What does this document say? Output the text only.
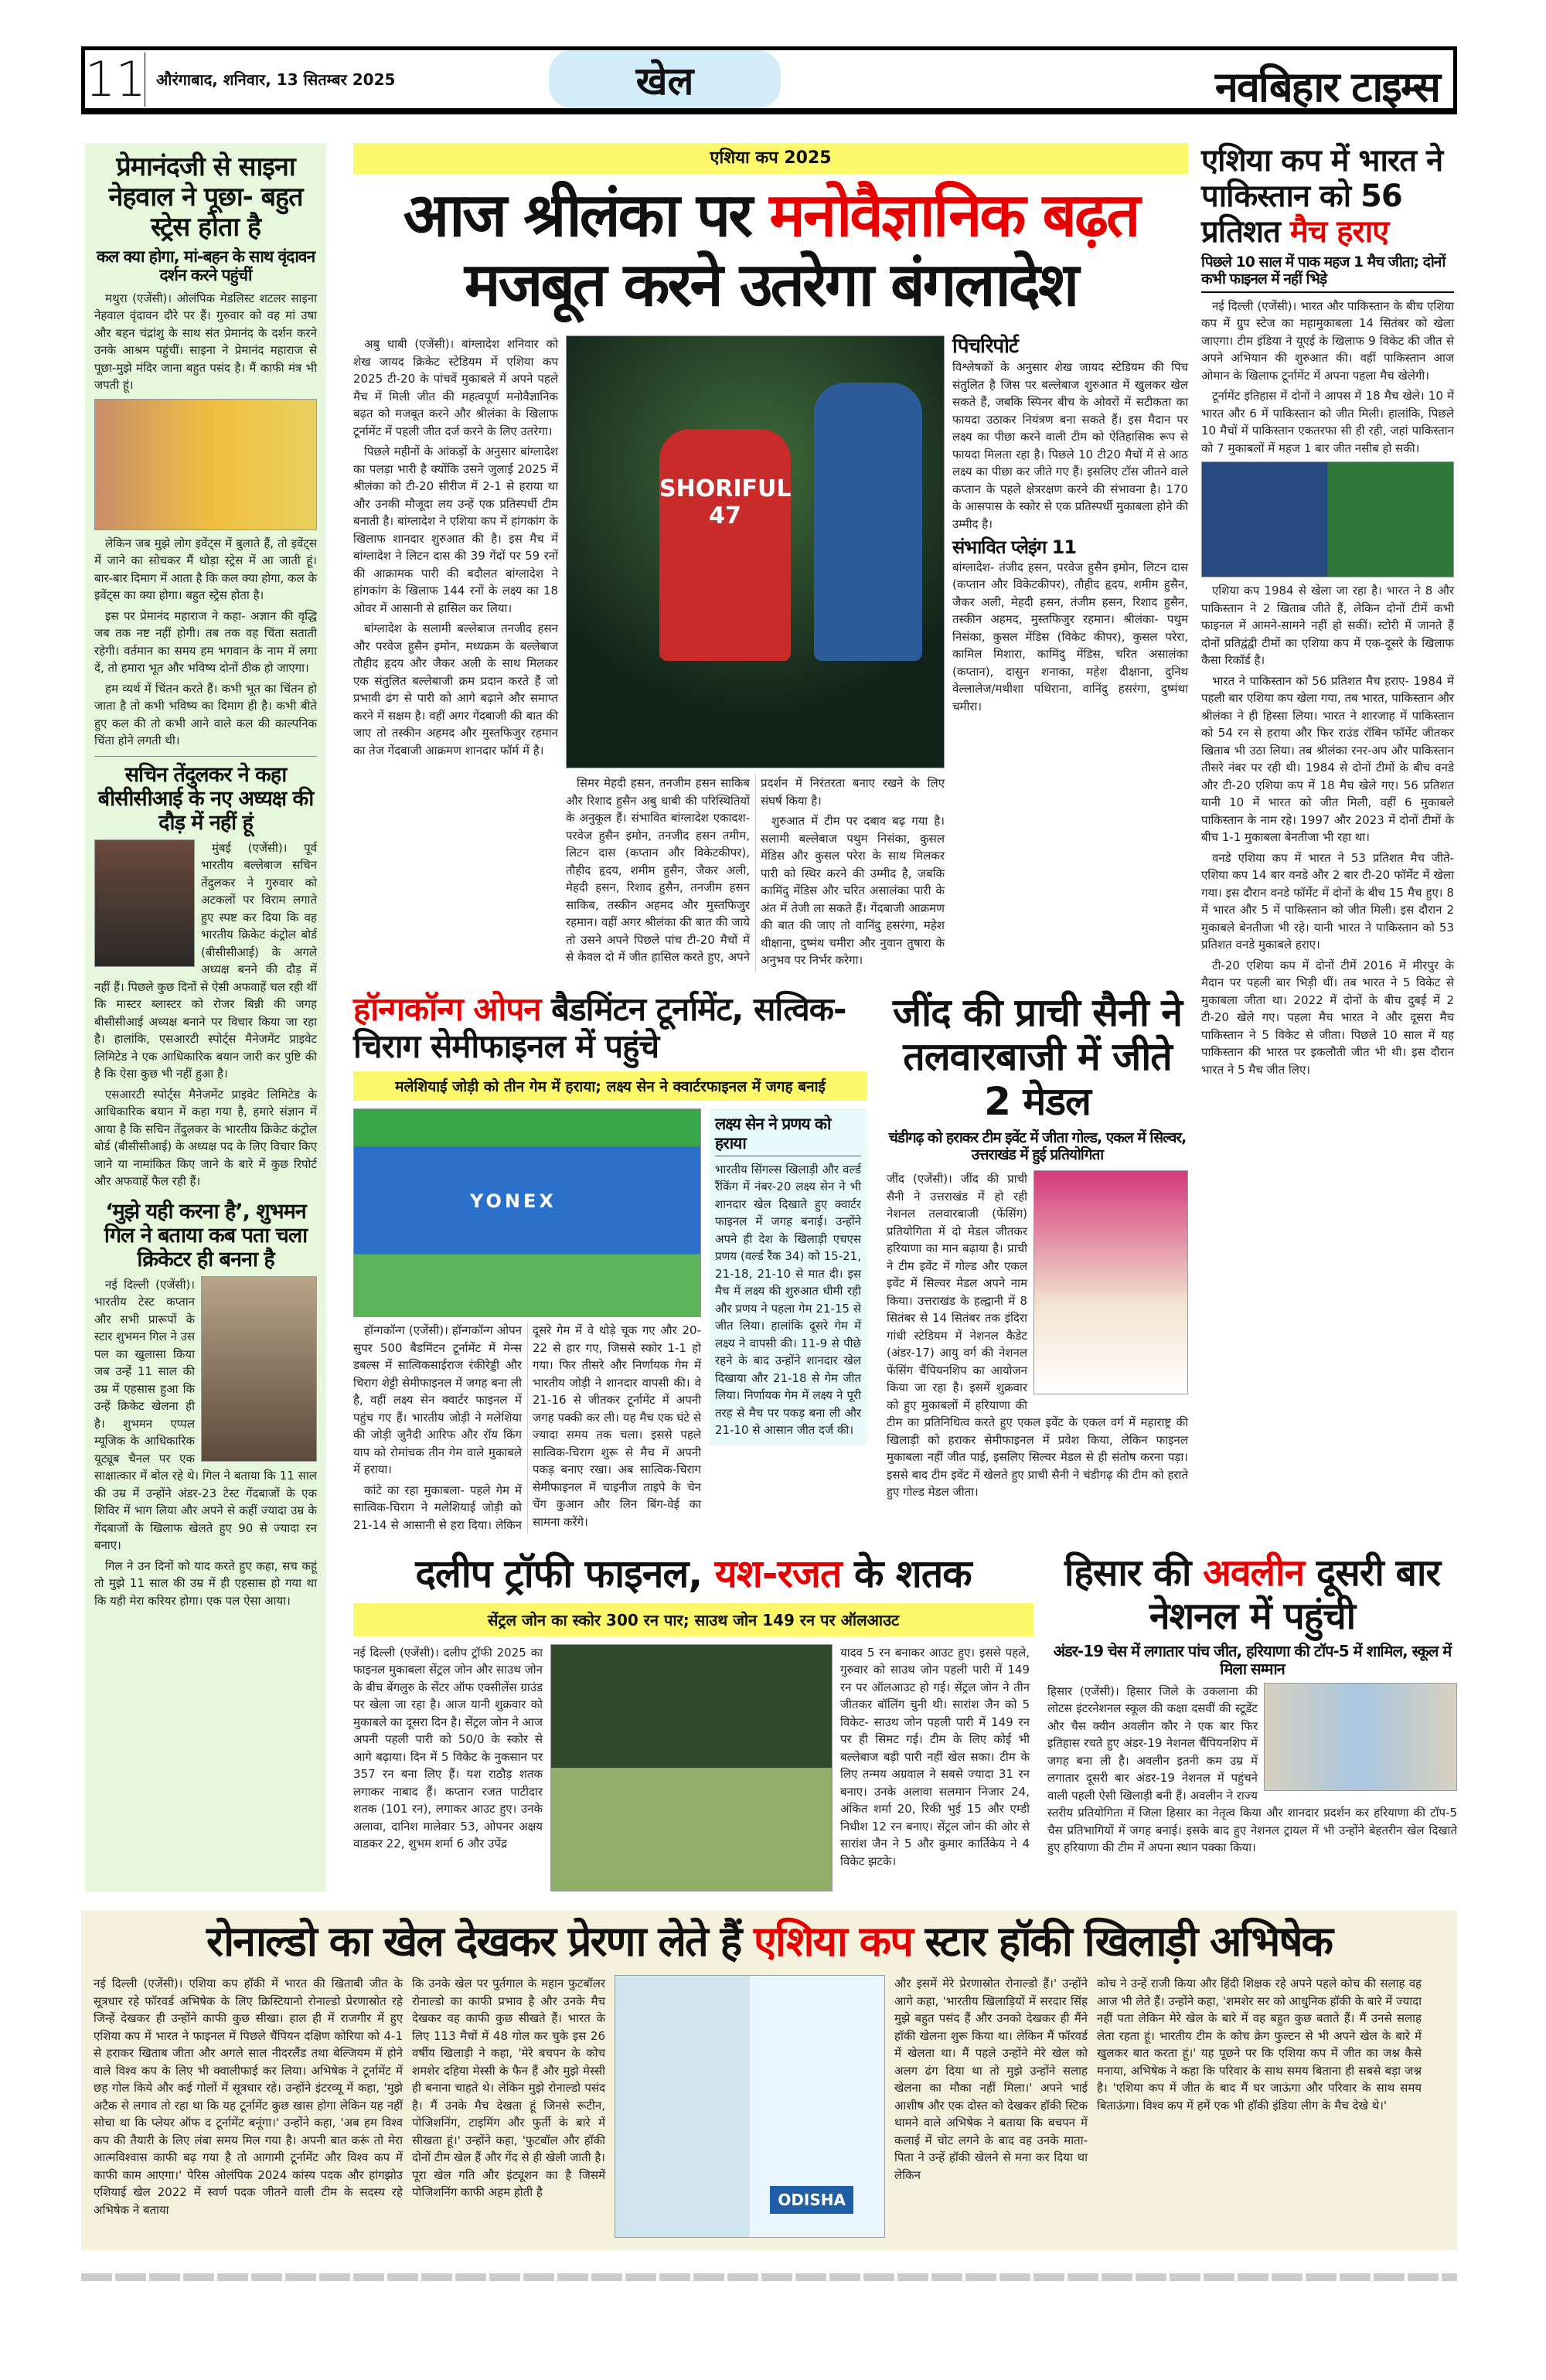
11 औरंगाबाद, शनिवार, 13 सितम्बर 2025	खेल	नवबिहार टाइम्स
प्रेमानंदजी से साइना नेहवाल ने पूछा- बहुत स्ट्रेस होता है
कल क्या होगा, मां-बहन के साथ वृंदावन दर्शन करने पहुंचीं

मथुरा (एजेंसी)। ओलंपिक मेडलिस्ट शटलर साइना नेहवाल वृंदावन दौरे पर हैं। गुरुवार को वह मां उषा और बहन चंद्रांशु के साथ संत प्रेमानंद के दर्शन करने उनके आश्रम पहुंचीं। साइना ने प्रेमानंद महाराज से पूछा-मुझे मंदिर जाना बहुत पसंद है। मैं काफी मंत्र भी जपती हूं।

लेकिन जब मुझे लोग इवेंट्स में बुलाते हैं, तो इवेंट्स में जाने का सोचकर मैं थोड़ा स्ट्रेस में आ जाती हूं। बार-बार दिमाग में आता है कि कल क्या होगा, कल के इवेंट्स का क्या होगा। बहुत स्ट्रेस होता है।

इस पर प्रेमानंद महाराज ने कहा- अज्ञान की वृद्धि जब तक नष्ट नहीं होगी। तब तक वह चिंता सताती रहेगी। वर्तमान का समय हम भगवान के नाम में लगा दें, तो हमारा भूत और भविष्य दोनों ठीक हो जाएगा।

हम व्यर्थ में चिंतन करते हैं। कभी भूत का चिंतन हो जाता है तो कभी भविष्य का दिमाग ही है। कभी बीते हुए कल की तो कभी आने वाले कल की काल्पनिक चिंता होने लगती थी।

सचिन तेंदुलकर ने कहा बीसीसीआई के नए अध्यक्ष की दौड़ में नहीं हूं

मुंबई (एजेंसी)। पूर्व भारतीय बल्लेबाज सचिन तेंदुलकर ने गुरुवार को अटकलों पर विराम लगाते हुए स्पष्ट कर दिया कि वह भारतीय क्रिकेट कंट्रोल बोर्ड (बीसीसीआई) के अगले अध्यक्ष बनने की दौड़ में नहीं हैं। पिछले कुछ दिनों से ऐसी अफवाहें चल रही थीं कि मास्टर ब्लास्टर को रोजर बिन्नी की जगह बीसीसीआई अध्यक्ष बनाने पर विचार किया जा रहा है। हालांकि, एसआरटी स्पोर्ट्स मैनेजमेंट प्राइवेट लिमिटेड ने एक आधिकारिक बयान जारी कर पुष्टि की है कि ऐसा कुछ भी नहीं हुआ है।

एसआरटी स्पोर्ट्स मैनेजमेंट प्राइवेट लिमिटेड के आधिकारिक बयान में कहा गया है, हमारे संज्ञान में आया है कि सचिन तेंदुलकर के भारतीय क्रिकेट कंट्रोल बोर्ड (बीसीसीआई) के अध्यक्ष पद के लिए विचार किए जाने या नामांकित किए जाने के बारे में कुछ रिपोर्ट और अफवाहें फैल रही हैं।

‘मुझे यही करना है’, शुभमन गिल ने बताया कब पता चला क्रिकेटर ही बनना है

नई दिल्ली (एजेंसी)। भारतीय टेस्ट कप्तान और सभी प्रारूपों के स्टार शुभमन गिल ने उस पल का खुलासा किया जब उन्हें 11 साल की उम्र में एहसास हुआ कि उन्हें क्रिकेट खेलना ही है। शुभमन एप्पल म्यूजिक के आधिकारिक यूट्यूब चैनल पर एक साक्षात्कार में बोल रहे थे। गिल ने बताया कि 11 साल की उम्र में उन्होंने अंडर-23 टेस्ट गेंदबाजों के एक शिविर में भाग लिया और अपने से कहीं ज्यादा उम्र के गेंदबाजों के खिलाफ खेलते हुए 90 से ज्यादा रन बनाए।

गिल ने उन दिनों को याद करते हुए कहा, सच कहूं तो मुझे 11 साल की उम्र में ही एहसास हो गया था कि यही मेरा करियर होगा। एक पल ऐसा आया।

एशिया कप 2025
आज श्रीलंका पर मनोवैज्ञानिक बढ़त
मजबूत करने उतरेगा बंगलादेश

अबु धाबी (एजेंसी)। बांग्लादेश शनिवार को शेख जायद क्रिकेट स्टेडियम में एशिया कप 2025 टी-20 के पांचवें मुकाबले में अपने पहले मैच में मिली जीत की महत्वपूर्ण मनोवैज्ञानिक बढ़त को मजबूत करने और श्रीलंका के खिलाफ टूर्नामेंट में पहली जीत दर्ज करने के लिए उतरेगा।

पिछले महीनों के आंकड़ों के अनुसार बांग्लादेश का पलड़ा भारी है क्योंकि उसने जुलाई 2025 में श्रीलंका को टी-20 सीरीज में 2-1 से हराया था और उनकी मौजूदा लय उन्हें एक प्रतिस्पर्धी टीम बनाती है। बांग्लादेश ने एशिया कप में हांगकांग के खिलाफ शानदार शुरुआत की है। इस मैच में बांग्लादेश ने लिटन दास की 39 गेंदों पर 59 रनों की आक्रामक पारी की बदौलत बांग्लादेश ने हांगकांग के खिलाफ 144 रनों के लक्ष्य का 18 ओवर में आसानी से हासिल कर लिया।

बांग्लादेश के सलामी बल्लेबाज तनजीद हसन और परवेज हुसैन इमोन, मध्यक्रम के बल्लेबाज तौहीद हृदय और जैकर अली के साथ मिलकर एक संतुलित बल्लेबाजी क्रम प्रदान करते हैं जो प्रभावी ढंग से पारी को आगे बढ़ाने और समाप्त करने में सक्षम है। वहीं अगर गेंदबाजी की बात की जाए तो तस्कीन अहमद और मुस्तफिजुर रहमान का तेज गेंदबाजी आक्रमण शानदार फॉर्म में है।

SHORIFUL 47

सिमर मेहदी हसन, तनजीम हसन साकिब और रिशाद हुसैन अबु धाबी की परिस्थितियों के अनुकूल हैं। संभावित बांग्लादेश एकादश- परवेज हुसैन इमोन, तनजीद हसन तमीम, लिटन दास (कप्तान और विकेटकीपर), तौहीद हृदय, शमीम हुसैन, जैकर अली, मेहदी हसन, रिशाद हुसैन, तनजीम हसन साकिब, तस्कीन अहमद और मुस्तफिजुर रहमान। वहीं अगर श्रीलंका की बात की जाये तो उसने अपने पिछले पांच टी-20 मैचों में से केवल दो में जीत हासिल करते हुए, अपने प्रदर्शन में निरंतरता बनाए रखने के लिए संघर्ष किया है।

शुरुआत में टीम पर दबाव बढ़ गया है। सलामी बल्लेबाज पथुम निसंका, कुसल मेंडिस और कुसल परेरा के साथ मिलकर पारी को स्थिर करने की उम्मीद है, जबकि कामिंदु मेंडिस और चरित असालंका पारी के अंत में तेजी ला सकते हैं। गेंदबाजी आक्रमण की बात की जाए तो वानिंदु हसरंगा, महेश थीक्षाना, दुष्मंथ चमीरा और नुवान तुषारा के अनुभव पर निर्भर करेगा।

पिचरिपोर्ट
विश्लेषकों के अनुसार शेख जायद स्टेडियम की पिच संतुलित है जिस पर बल्लेबाज शुरुआत में खुलकर खेल सकते हैं, जबकि स्पिनर बीच के ओवरों में सटीकता का फायदा उठाकर नियंत्रण बना सकते हैं। इस मैदान पर लक्ष्य का पीछा करने वाली टीम को ऐतिहासिक रूप से फायदा मिलता रहा है। पिछले 10 टी20 मैचों में से आठ लक्ष्य का पीछा कर जीते गए हैं। इसलिए टॉस जीतने वाले कप्तान के पहले क्षेत्ररक्षण करने की संभावना है। 170 के आसपास के स्कोर से एक प्रतिस्पर्धी मुकाबला होने की उम्मीद है।
संभावित प्लेइंग 11
बांग्लादेश- तंजीद हसन, परवेज हुसैन इमोन, लिटन दास (कप्तान और विकेटकीपर), तौहीद हृदय, शमीम हुसैन, जैकर अली, मेहदी हसन, तंजीम हसन, रिशाद हुसैन, तस्कीन अहमद, मुस्तफिजुर रहमान। श्रीलंका- पथुम निसंका, कुसल मेंडिस (विकेट कीपर), कुसल परेरा, कामिल मिशारा, कामिंदु मेंडिस, चरित असालंका (कप्तान), दासुन शनाका, महेश दीक्षाना, दुनिथ वेल्लालेज/मथीशा पथिराना, वानिंदु हसरंगा, दुष्मंथा चमीरा।
हॉन्गकॉन्ग ओपन बैडमिंटन टूर्नामेंट, सत्विक-चिराग सेमीफाइनल में पहुंचे
मलेशियाई जोड़ी को तीन गेम में हराया; लक्ष्य सेन ने क्वार्टरफाइनल में जगह बनाई
YONEX

हॉन्गकॉन्ग (एजेंसी)। हॉन्गकॉन्ग ओपन सुपर 500 बैडमिंटन टूर्नामेंट में मेन्स डबल्स में सात्विकसाईराज रंकीरेड्डी और चिराग शेट्टी सेमीफाइनल में जगह बना ली है, वहीं लक्ष्य सेन क्वार्टर फाइनल में पहुंच गए हैं। भारतीय जोड़ी ने मलेशिया की जोड़ी जुनैदी आरिफ और रॉय किंग याप को रोमांचक तीन गेम वाले मुकाबले में हराया।

कांटे का रहा मुकाबला- पहले गेम में सात्विक-चिराग ने मलेशियाई जोड़ी को 21-14 से आसानी से हरा दिया। लेकिन दूसरे गेम में वे थोड़े चूक गए और 20-22 से हार गए, जिससे स्कोर 1-1 हो गया। फिर तीसरे और निर्णायक गेम में भारतीय जोड़ी ने शानदार वापसी की। वे 21-16 से जीतकर टूर्नामेंट में अपनी जगह पक्की कर ली। यह मैच एक घंटे से ज्यादा समय तक चला। इससे पहले सात्विक-चिराग शुरू से मैच में अपनी पकड़ बनाए रखा। अब सात्विक-चिराग सेमीफाइनल में चाइनीज ताइपे के चेन चेंग कुआन और लिन बिंग-वेई का सामना करेंगे।

लक्ष्य सेन ने प्रणय को हराया
भारतीय सिंगल्स खिलाड़ी और वर्ल्ड रैंकिंग में नंबर-20 लक्ष्य सेन ने भी शानदार खेल दिखाते हुए क्वार्टर फाइनल में जगह बनाई। उन्होंने अपने ही देश के खिलाड़ी एचएस प्रणय (वर्ल्ड रैंक 34) को 15-21, 21-18, 21-10 से मात दी। इस मैच में लक्ष्य की शुरुआत धीमी रही और प्रणय ने पहला गेम 21-15 से जीत लिया। हालांकि दूसरे गेम में लक्ष्य ने वापसी की। 11-9 से पीछे रहने के बाद उन्होंने शानदार खेल दिखाया और 21-18 से गेम जीत लिया। निर्णायक गेम में लक्ष्य ने पूरी तरह से मैच पर पकड़ बना ली और 21-10 से आसान जीत दर्ज की।
जींद की प्राची सैनी ने तलवारबाजी में जीते 2 मेडल
चंडीगढ़ को हराकर टीम इवेंट में जीता गोल्ड, एकल में सिल्वर, उत्तराखंड में हुई प्रतियोगिता
जींद (एजेंसी)। जींद की प्राची सैनी ने उत्तराखंड में हो रही नेशनल तलवारबाजी (फेंसिंग) प्रतियोगिता में दो मेडल जीतकर हरियाणा का मान बढ़ाया है। प्राची ने टीम इवेंट में गोल्ड और एकल इवेंट में सिल्वर मेडल अपने नाम किया। उत्तराखंड के हल्द्वानी में 8 सितंबर से 14 सितंबर तक इंदिरा गांधी स्टेडियम में नेशनल कैडेट (अंडर-17) आयु वर्ग की नेशनल फेंसिंग चैंपियनशिप का आयोजन किया जा रहा है। इसमें शुक्रवार को हुए मुकाबलों में हरियाणा की टीम का प्रतिनिधित्व करते हुए एकल इवेंट के एकल वर्ग में महाराष्ट्र की खिलाड़ी को हराकर सेमीफाइनल में प्रवेश किया, लेकिन फाइनल मुकाबला नहीं जीत पाई, इसलिए सिल्वर मेडल से ही संतोष करना पड़ा। इससे बाद टीम इवेंट में खेलते हुए प्राची सैनी ने चंडीगढ़ की टीम को हराते हुए गोल्ड मेडल जीता।
एशिया कप में भारत ने पाकिस्तान को 56 प्रतिशत मैच हराए
पिछले 10 साल में पाक महज 1 मैच जीता; दोनों कभी फाइनल में नहीं भिड़े

नई दिल्ली (एजेंसी)। भारत और पाकिस्तान के बीच एशिया कप में ग्रुप स्टेज का महामुकाबला 14 सितंबर को खेला जाएगा। टीम इंडिया ने यूएई के खिलाफ 9 विकेट की जीत से अपने अभियान की शुरुआत की। वहीं पाकिस्तान आज ओमान के खिलाफ टूर्नामेंट में अपना पहला मैच खेलेगी।

टूर्नामेंट इतिहास में दोनों ने आपस में 18 मैच खेले। 10 में भारत और 6 में पाकिस्तान को जीत मिली। हालांकि, पिछले 10 मैचों में पाकिस्तान एकतरफा सी ही रही, जहां पाकिस्तान को 7 मुकाबलों में महज 1 बार जीत नसीब हो सकी।

एशिया कप 1984 से खेला जा रहा है। भारत ने 8 और पाकिस्तान ने 2 खिताब जीते हैं, लेकिन दोनों टीमें कभी फाइनल में आमने-सामने नहीं हो सकीं। स्टोरी में जानते हैं दोनों प्रतिद्वंद्वी टीमों का एशिया कप में एक-दूसरे के खिलाफ कैसा रिकॉर्ड है।

भारत ने पाकिस्तान को 56 प्रतिशत मैच हराए- 1984 में पहली बार एशिया कप खेला गया, तब भारत, पाकिस्तान और श्रीलंका ने ही हिस्सा लिया। भारत ने शारजाह में पाकिस्तान को 54 रन से हराया और फिर राउंड रॉबिन फॉर्मेट जीतकर खिताब भी उठा लिया। तब श्रीलंका रनर-अप और पाकिस्तान तीसरे नंबर पर रही थी। 1984 से दोनों टीमों के बीच वनडे और टी-20 एशिया कप में 18 मैच खेले गए। 56 प्रतिशत यानी 10 में भारत को जीत मिली, वहीं 6 मुकाबले पाकिस्तान के नाम रहे। 1997 और 2023 में दोनों टीमों के बीच 1-1 मुकाबला बेनतीजा भी रहा था।

वनडे एशिया कप में भारत ने 53 प्रतिशत मैच जीते- एशिया कप 14 बार वनडे और 2 बार टी-20 फॉर्मेट में खेला गया। इस दौरान वनडे फॉर्मेट में दोनों के बीच 15 मैच हुए। 8 में भारत और 5 में पाकिस्तान को जीत मिली। इस दौरान 2 मुकाबले बेनतीजा भी रहे। यानी भारत ने पाकिस्तान को 53 प्रतिशत वनडे मुकाबले हराए।

टी-20 एशिया कप में दोनों टीमें 2016 में मीरपुर के मैदान पर पहली बार भिड़ी थीं। तब भारत ने 5 विकेट से मुकाबला जीता था। 2022 में दोनों के बीच दुबई में 2 टी-20 खेले गए। पहला मैच भारत ने और दूसरा मैच पाकिस्तान ने 5 विकेट से जीता। पिछले 10 साल में यह पाकिस्तान की भारत पर इकलौती जीत भी थी। इस दौरान भारत ने 5 मैच जीत लिए।

दलीप ट्रॉफी फाइनल, यश-रजत के शतक
सेंट्रल जोन का स्कोर 300 रन पार; साउथ जोन 149 रन पर ऑलआउट
नई दिल्ली (एजेंसी)। दलीप ट्रॉफी 2025 का फाइनल मुकाबला सेंट्रल जोन और साउथ जोन के बीच बेंगलुरु के सेंटर ऑफ एक्सीलेंस ग्राउंड पर खेला जा रहा है। आज यानी शुक्रवार को मुकाबले का दूसरा दिन है। सेंट्रल जोन ने आज अपनी पहली पारी को 50/0 के स्कोर से आगे बढ़ाया। दिन में 5 विकेट के नुकसान पर 357 रन बना लिए हैं। यश राठौड़ शतक लगाकर नाबाद हैं। कप्तान रजत पाटीदार शतक (101 रन), लगाकर आउट हुए। उनके अलावा, दानिश मालेवार 53, ओपनर अक्षय वाडकर 22, शुभम शर्मा 6 और उपेंद्र
यादव 5 रन बनाकर आउट हुए। इससे पहले, गुरुवार को साउथ जोन पहली पारी में 149 रन पर ऑलआउट हो गई। सेंट्रल जोन ने तीन जीतकर बॉलिंग चुनी थी। सारांश जैन को 5 विकेट- साउथ जोन पहली पारी में 149 रन पर ही सिमट गई। टीम के लिए कोई भी बल्लेबाज बड़ी पारी नहीं खेल सका। टीम के लिए तन्मय अग्रवाल ने सबसे ज्यादा 31 रन बनाए। उनके अलावा सलमान निजार 24, अंकित शर्मा 20, रिकी भुई 15 और एम्डी निधीश 12 रन बनाए। सेंट्रल जोन की ओर से सारांश जैन ने 5 और कुमार कार्तिकेय ने 4 विकेट झटके।
हिसार की अवलीन दूसरी बार नेशनल में पहुंची
अंडर-19 चेस में लगातार पांच जीत, हरियाणा की टॉप-5 में शामिल, स्कूल में मिला सम्मान
हिसार (एजेंसी)। हिसार जिले के उकलाना की लोटस इंटरनेशनल स्कूल की कक्षा दसवीं की स्टूडेंट और चैस क्वीन अवलीन कौर ने एक बार फिर इतिहास रचते हुए अंडर-19 नेशनल चैंपियनशिप में जगह बना ली है। अवलीन इतनी कम उम्र में लगातार दूसरी बार अंडर-19 नेशनल में पहुंचने वाली पहली ऐसी खिलाड़ी बनी हैं। अवलीन ने राज्य स्तरीय प्रतियोगिता में जिला हिसार का नेतृत्व किया और शानदार प्रदर्शन कर हरियाणा की टॉप-5 चैस प्रतिभागियों में जगह बनाई। इसके बाद हुए नेशनल ट्रायल में भी उन्होंने बेहतरीन खेल दिखाते हुए हरियाणा की टीम में अपना स्थान पक्का किया।
रोनाल्डो का खेल देखकर प्रेरणा लेते हैं एशिया कप स्टार हॉकी खिलाड़ी अभिषेक
नई दिल्ली (एजेंसी)। एशिया कप हॉकी में भारत की खिताबी जीत के सूत्रधार रहे फॉरवर्ड अभिषेक के लिए क्रिस्टियानो रोनाल्डो प्रेरणास्रोत रहे जिन्हें देखकर ही उन्होंने काफी कुछ सीखा। हाल ही में राजगीर में हुए एशिया कप में भारत ने फाइनल में पिछले चैंपियन दक्षिण कोरिया को 4-1 से हराकर खिताब जीता और अगले साल नीदरलैंड तथा बेल्जियम में होने वाले विश्व कप के लिए भी क्वालीफाई कर लिया। अभिषेक ने टूर्नामेंट में छह गोल किये और कई गोलों में सूत्रधार रहे। उन्होंने इंटरव्यू में कहा, 'मुझे अटैक से लगाव तो रहा था कि यह टूर्नामेंट कुछ खास होगा लेकिन यह नहीं सोचा था कि प्लेयर ऑफ द टूर्नामेंट बनूंगा।' उन्होंने कहा, 'अब हम विश्व कप की तैयारी के लिए लंबा समय मिल गया है। अपनी बात करूं तो मेरा आत्मविश्वास काफी बढ़ गया है तो आगामी टूर्नामेंट और विश्व कप में काफी काम आएगा।' पेरिस ओलंपिक 2024 कांस्य पदक और हांगझोउ एशियाई खेल 2022 में स्वर्ण पदक जीतने वाली टीम के सदस्य रहे अभिषेक ने बताया
कि उनके खेल पर पुर्तगाल के महान फुटबॉलर रोनाल्डो का काफी प्रभाव है और उनके मैच देखकर वह काफी कुछ सीखते हैं। भारत के लिए 113 मैचों में 48 गोल कर चुके इस 26 वर्षीय खिलाड़ी ने कहा, 'मेरे बचपन के कोच शमशेर दहिया मेस्सी के फैन हैं और मुझे मेस्सी ही बनाना चाहते थे। लेकिन मुझे रोनाल्डो पसंद है। मैं उनके मैच देखता हूं जिनसे रूटीन, पोजिशनिंग, टाइमिंग और फुर्ती के बारे में सीखता हूं।' उन्होंने कहा, 'फुटबॉल और हॉकी दोनों टीम खेल हैं और गेंद से ही खेली जाती है। पूरा खेल गति और इंट्यूशन का है जिसमें पोजिशनिंग काफी अहम होती है	ODISHA
और इसमें मेरे प्रेरणास्रोत रोनाल्डो हैं।' उन्होंने आगे कहा, 'भारतीय खिलाड़ियों में सरदार सिंह मुझे बहुत पसंद हैं और उनको देखकर ही मैंने हॉकी खेलना शुरू किया था। लेकिन मैं फॉरवर्ड में खेलता था। मैं पहले उन्होंने मेरे खेल को अलग ढंग दिया था तो मुझे उन्होंने सलाह खेलना का मौका नहीं मिला।' अपने भाई आशीष और एक दोस्त को देखकर हॉकी स्टिक थामने वाले अभिषेक ने बताया कि बचपन में कलाई में चोट लगने के बाद वह उनके माता-पिता ने उन्हें हॉकी खेलने से मना कर दिया था लेकिन
कोच ने उन्हें राजी किया और हिंदी शिक्षक रहे अपने पहले कोच की सलाह वह आज भी लेते हैं। उन्होंने कहा, 'शमशेर सर को आधुनिक हॉकी के बारे में ज्यादा नहीं पता लेकिन मेरे खेल के बारे में वह बहुत कुछ बताते हैं। मैं उनसे सलाह लेता रहता हूं। भारतीय टीम के कोच क्रेग फुल्टन से भी अपने खेल के बारे में खुलकर बात करता हूं।' यह पूछने पर कि एशिया कप में जीत का जश्न कैसे मनाया, अभिषेक ने कहा कि परिवार के साथ समय बिताना ही सबसे बड़ा जश्न है। 'एशिया कप में जीत के बाद मैं घर जाऊंगा और परिवार के साथ समय बिताऊंगा। विश्व कप में हमें एक भी हॉकी इंडिया लीग के मैच देखे थे।'
